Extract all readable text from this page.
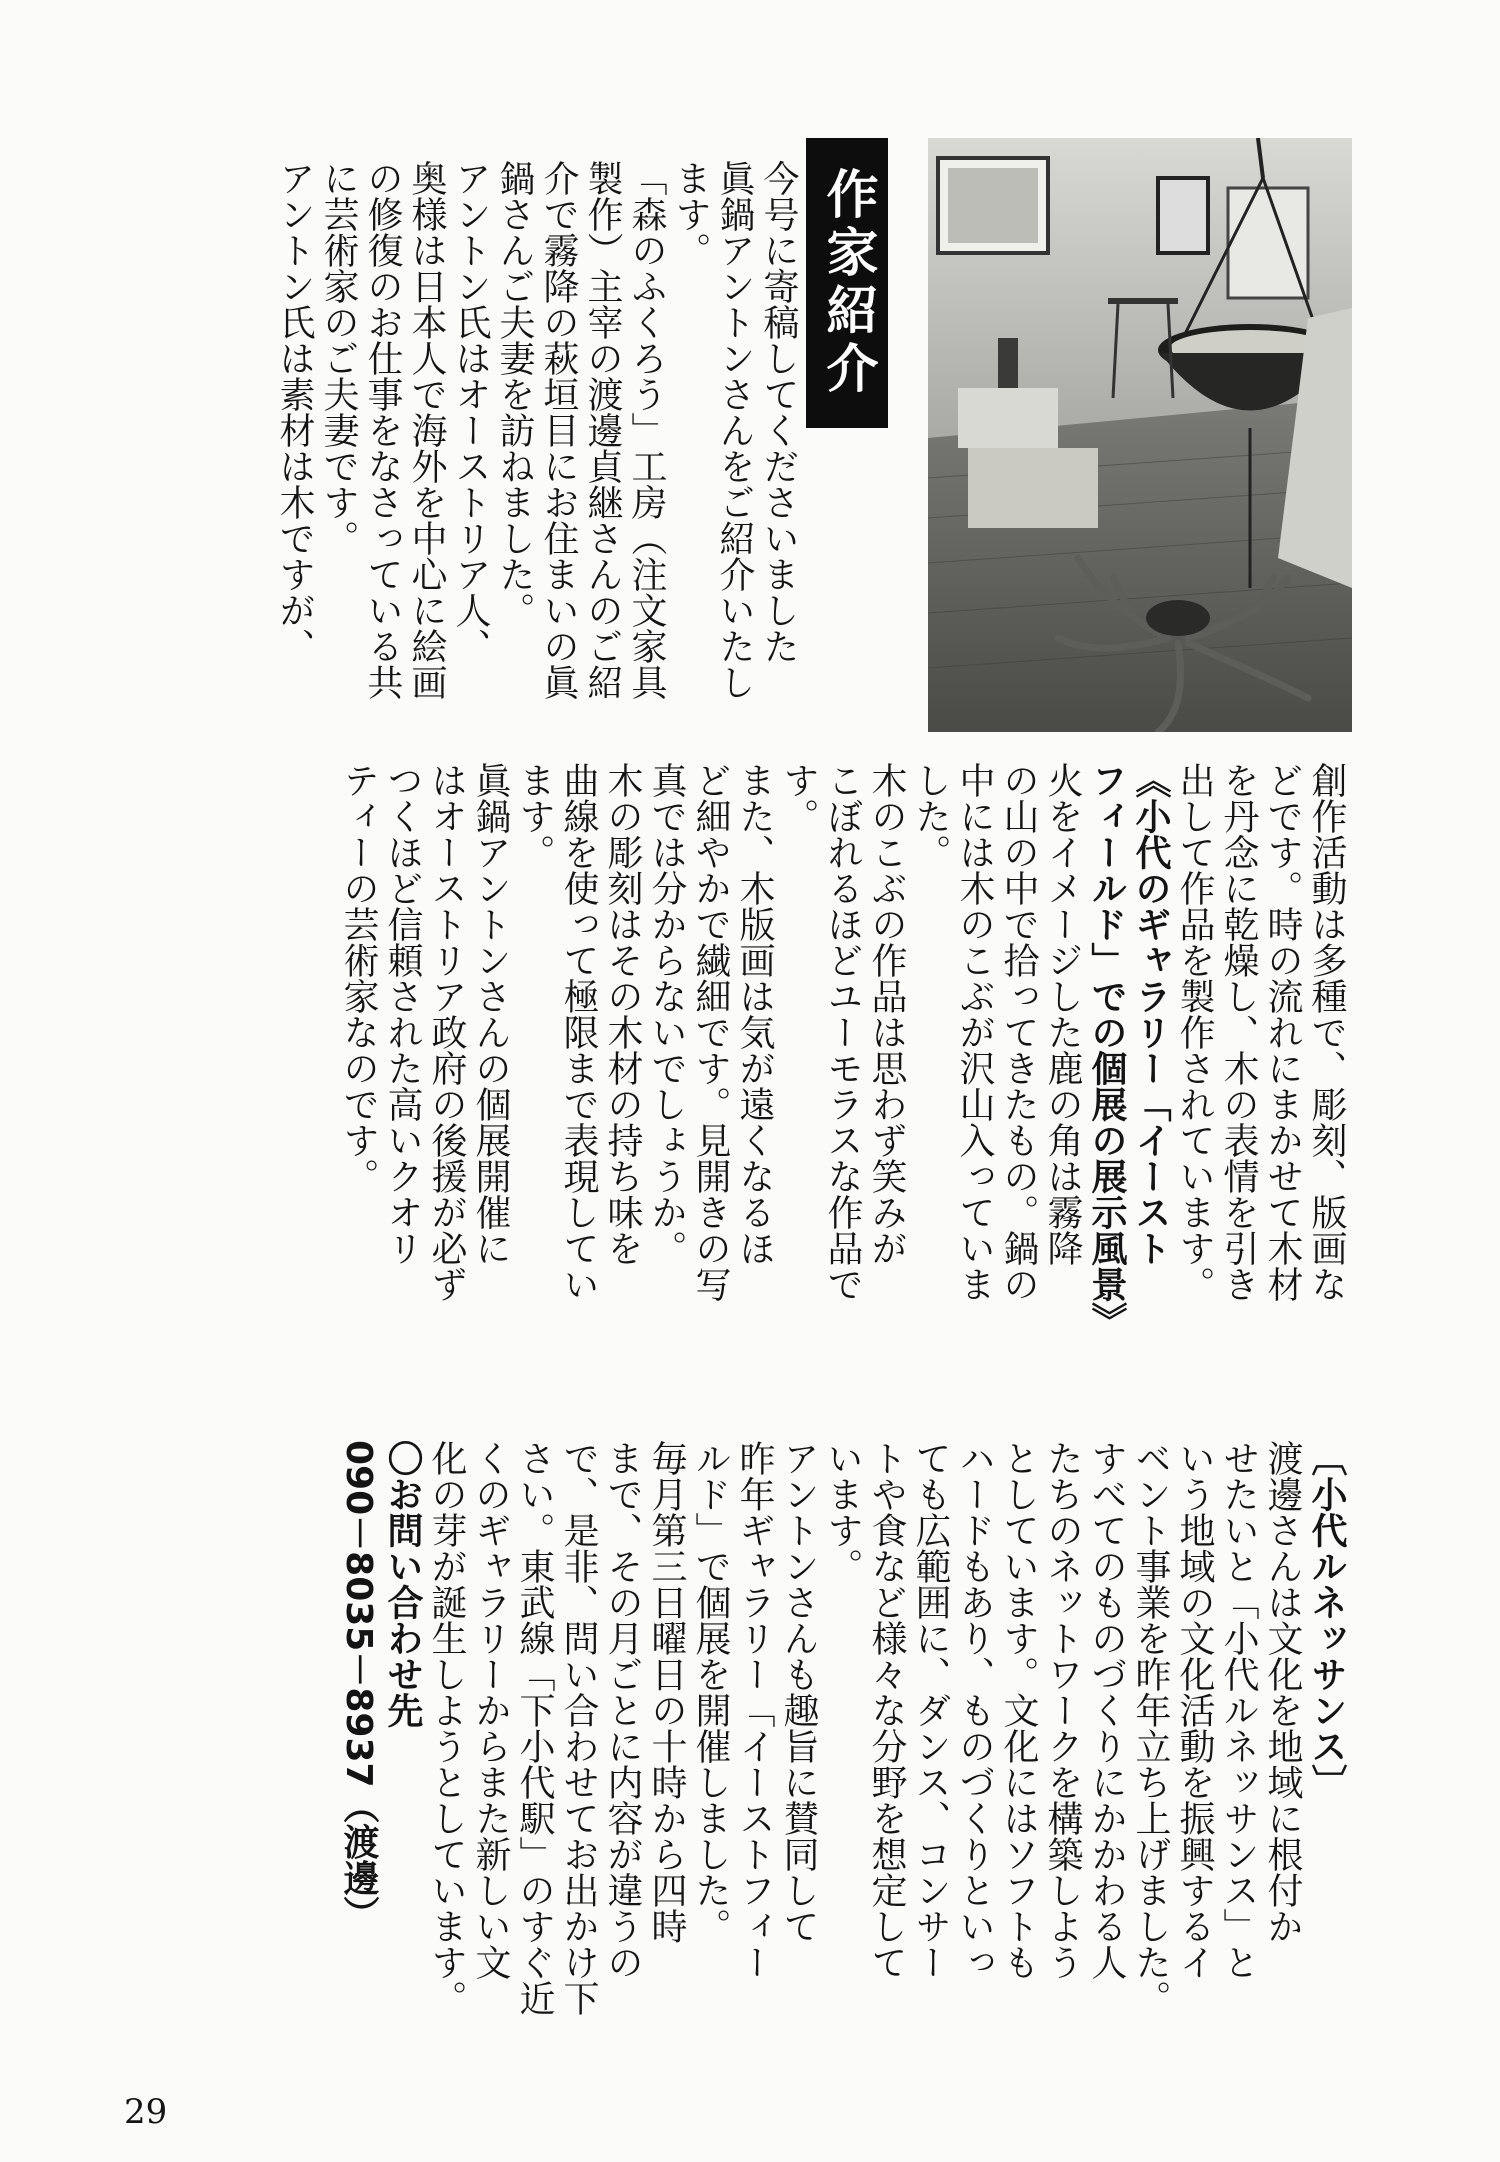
今号に寄稿してくださいました

眞鍋アントンさんをご紹介いたし

ます。

「森のふくろう」工房（注文家具

製作）主宰の渡邊貞継さんのご紹

介で霧降の萩垣目にお住まいの眞

鍋さんご夫妻を訪ねました。

アントン氏はオーストリア人、

奥様は日本人で海外を中心に絵画

の修復のお仕事をなさっている共

に芸術家のご夫妻です。

アントン氏は素材は木ですが、	作家紹介

創作活動は多種で、彫刻、版画な

どです。時の流れにまかせて木材

を丹念に乾燥し、木の表情を引き

出して作品を製作されています。

《小代のギャラリー「イースト

フィールド」での個展の展示風景》

火をイメージした鹿の角は霧降

の山の中で拾ってきたもの。鍋の

中には木のこぶが沢山入っていま

した。

木のこぶの作品は思わず笑みが

こぼれるほどユーモラスな作品で

す。

また、木版画は気が遠くなるほ

ど細やかで繊細です。見開きの写

真では分からないでしょうか。

木の彫刻はその木材の持ち味を

曲線を使って極限まで表現してい

ます。

眞鍋アントンさんの個展開催に

はオーストリア政府の後援が必ず

つくほど信頼された高いクオリ

ティーの芸術家なのです。

〔小代ルネッサンス〕

渡邊さんは文化を地域に根付か

せたいと「小代ルネッサンス」と

いう地域の文化活動を振興するイ

ベント事業を昨年立ち上げました。

すべてのものづくりにかかわる人

たちのネットワークを構築しよう

としています。文化にはソフトも

ハードもあり、ものづくりといっ

ても広範囲に、ダンス、コンサー

トや食など様々な分野を想定して

います。

アントンさんも趣旨に賛同して

昨年ギャラリー「イーストフィー

ルド」で個展を開催しました。

毎月第三日曜日の十時から四時

まで、その月ごとに内容が違うの

で、是非、問い合わせてお出かけ下

さい。東武線「下小代駅」のすぐ近

くのギャラリーからまた新しい文

化の芽が誕生しようとしています。

〇お問い合わせ先

090－8035－8937（渡邊）

29
